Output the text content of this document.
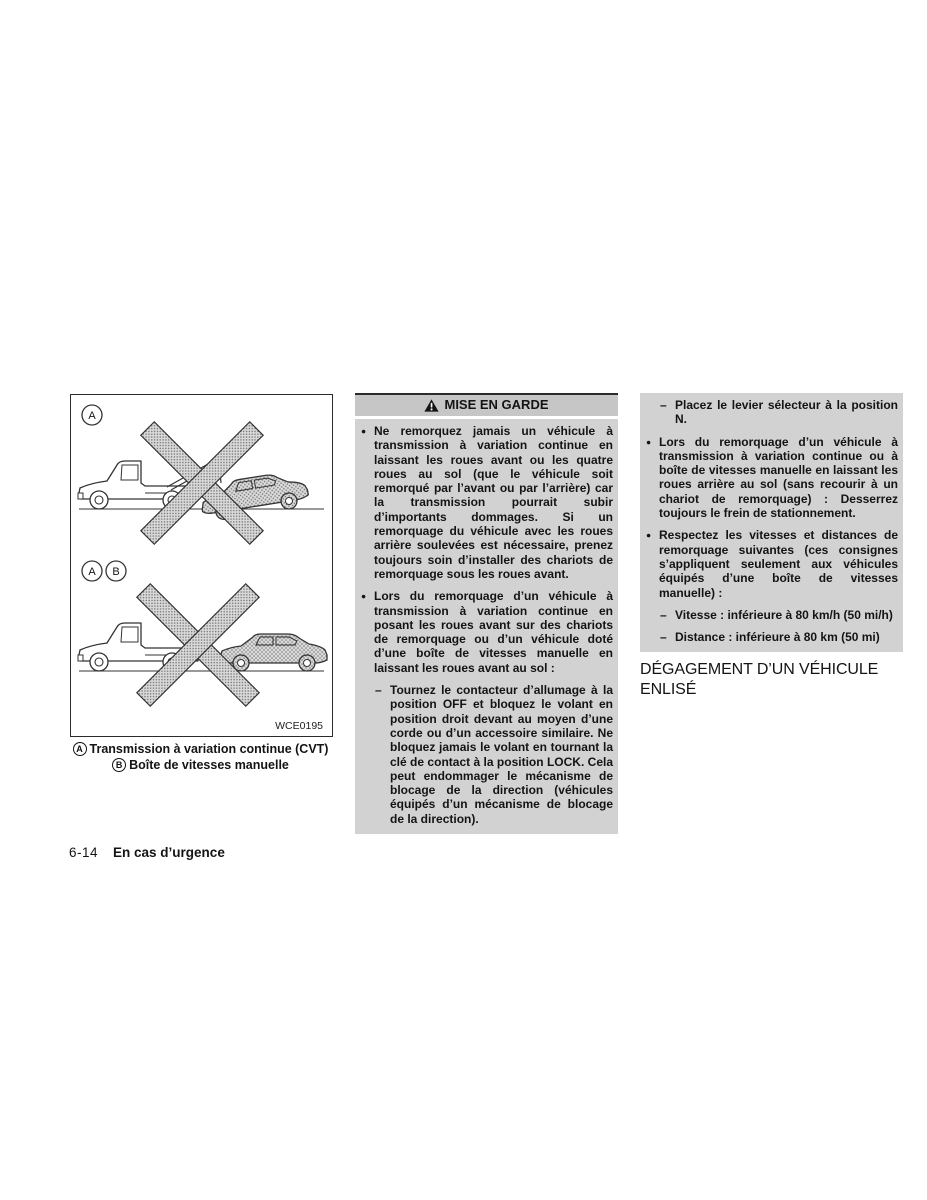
A
A B
WCE0195
A Transmission à variation continue (CVT)
B Boîte de vitesses manuelle
MISE EN GARDE
● Ne remorquez jamais un véhicule à transmission à variation continue en laissant les roues avant ou les quatre roues au sol (que le véhicule soit remorqué par l’avant ou par l’arrière) car la transmission pourrait subir d’importants dommages. Si un remorquage du véhicule avec les roues arrière soulevées est nécessaire, prenez toujours soin d’installer des chariots de remorquage sous les roues avant.

● Lors du remorquage d’un véhicule à transmission à variation continue en posant les roues avant sur des chariots de remorquage ou d’un véhicule doté d’une boîte de vitesses manuelle en laissant les roues avant au sol :

– Tournez le contacteur d’allumage à la position OFF et bloquez le volant en position droit devant au moyen d’une corde ou d’un accessoire similaire. Ne bloquez jamais le volant en tournant la clé de contact à la position LOCK. Cela peut endommager le mécanisme de blocage de la direction (véhicules équipés d’un mécanisme de blocage de la direction).

– Placez le levier sélecteur à la position N.

● Lors du remorquage d’un véhicule à transmission à variation continue ou à boîte de vitesses manuelle en laissant les roues arrière au sol (sans recourir à un chariot de remorquage) : Desserrez toujours le frein de stationnement.

● Respectez les vitesses et distances de remorquage suivantes (ces consignes s’appliquent seulement aux véhicules équipés d’une boîte de vitesses manuelle) :

– Vitesse : inférieure à 80 km/h (50 mi/h)

– Distance : inférieure à 80 km (50 mi)

DÉGAGEMENT D’UN VÉHICULE ENLISÉ
6-14 En cas d’urgence
